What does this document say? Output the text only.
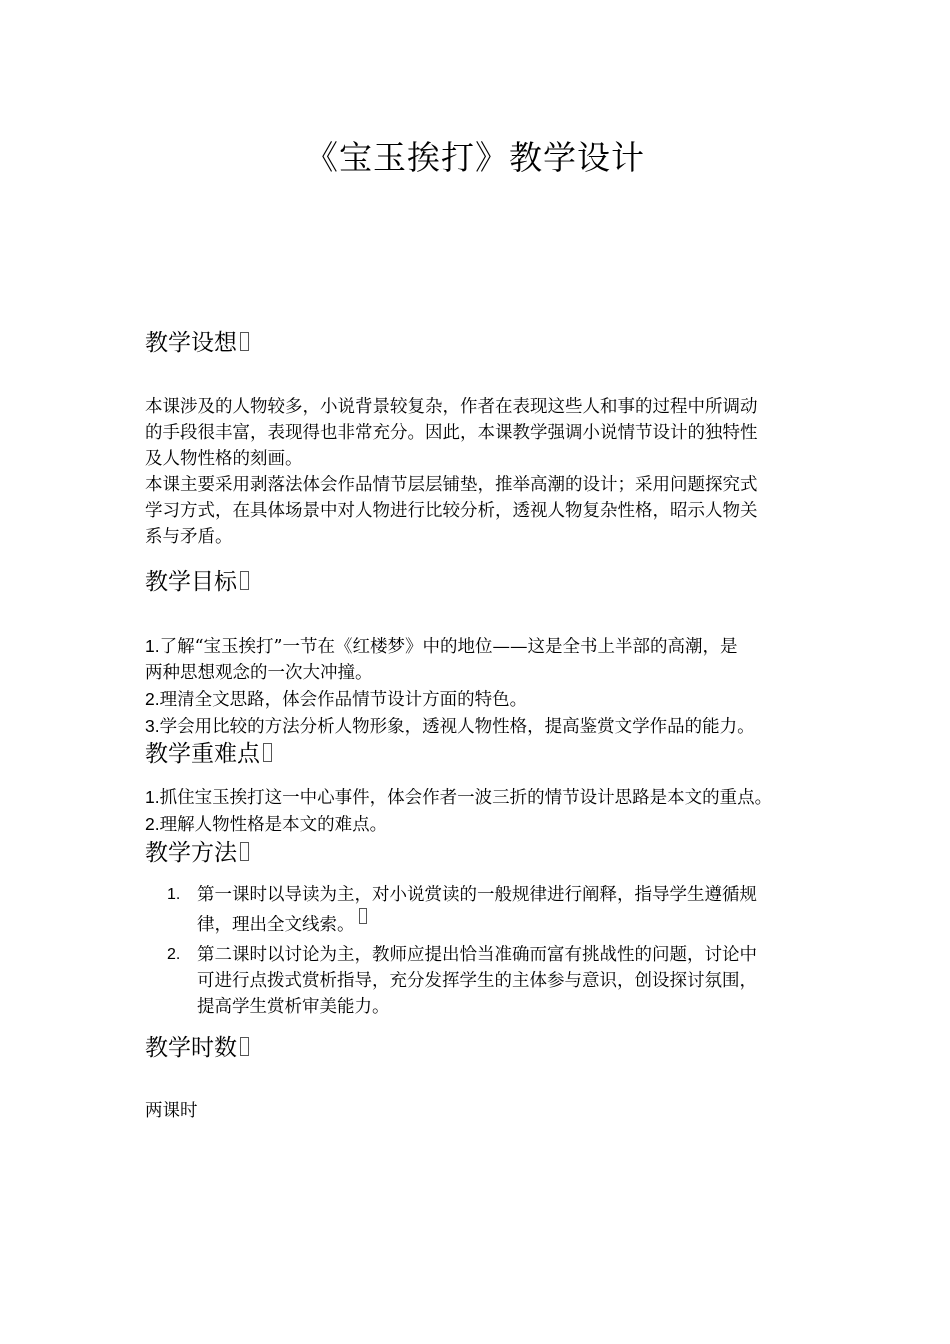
《宝玉挨打》教学设计
教学设想

本课涉及的人物较多，小说背景较复杂，作者在表现这些人和事的过程中所调动
的手段很丰富，表现得也非常充分。因此，本课教学强调小说情节设计的独特性
及人物性格的刻画。

本课主要采用剥落法体会作品情节层层铺垫，推举高潮的设计；采用问题探究式
学习方式，在具体场景中对人物进行比较分析，透视人物复杂性格，昭示人物关
系与矛盾。

教学目标

1.了解“宝玉挨打”一节在《红楼梦》中的地位——这是全书上半部的高潮，是
两种思想观念的一次大冲撞。

2.理清全文思路，体会作品情节设计方面的特色。

3.学会用比较的方法分析人物形象，透视人物性格，提高鉴赏文学作品的能力。

教学重难点

1.抓住宝玉挨打这一中心事件，体会作者一波三折的情节设计思路是本文的重点。

2.理解人物性格是本文的难点。

教学方法
1. 第一课时以导读为主，对小说赏读的一般规律进行阐释，指导学生遵循规
律，理出全文线索。
2. 第二课时以讨论为主，教师应提出恰当准确而富有挑战性的问题，讨论中
可进行点拨式赏析指导，充分发挥学生的主体参与意识，创设探讨氛围，
提高学生赏析审美能力。
教学时数

两课时
